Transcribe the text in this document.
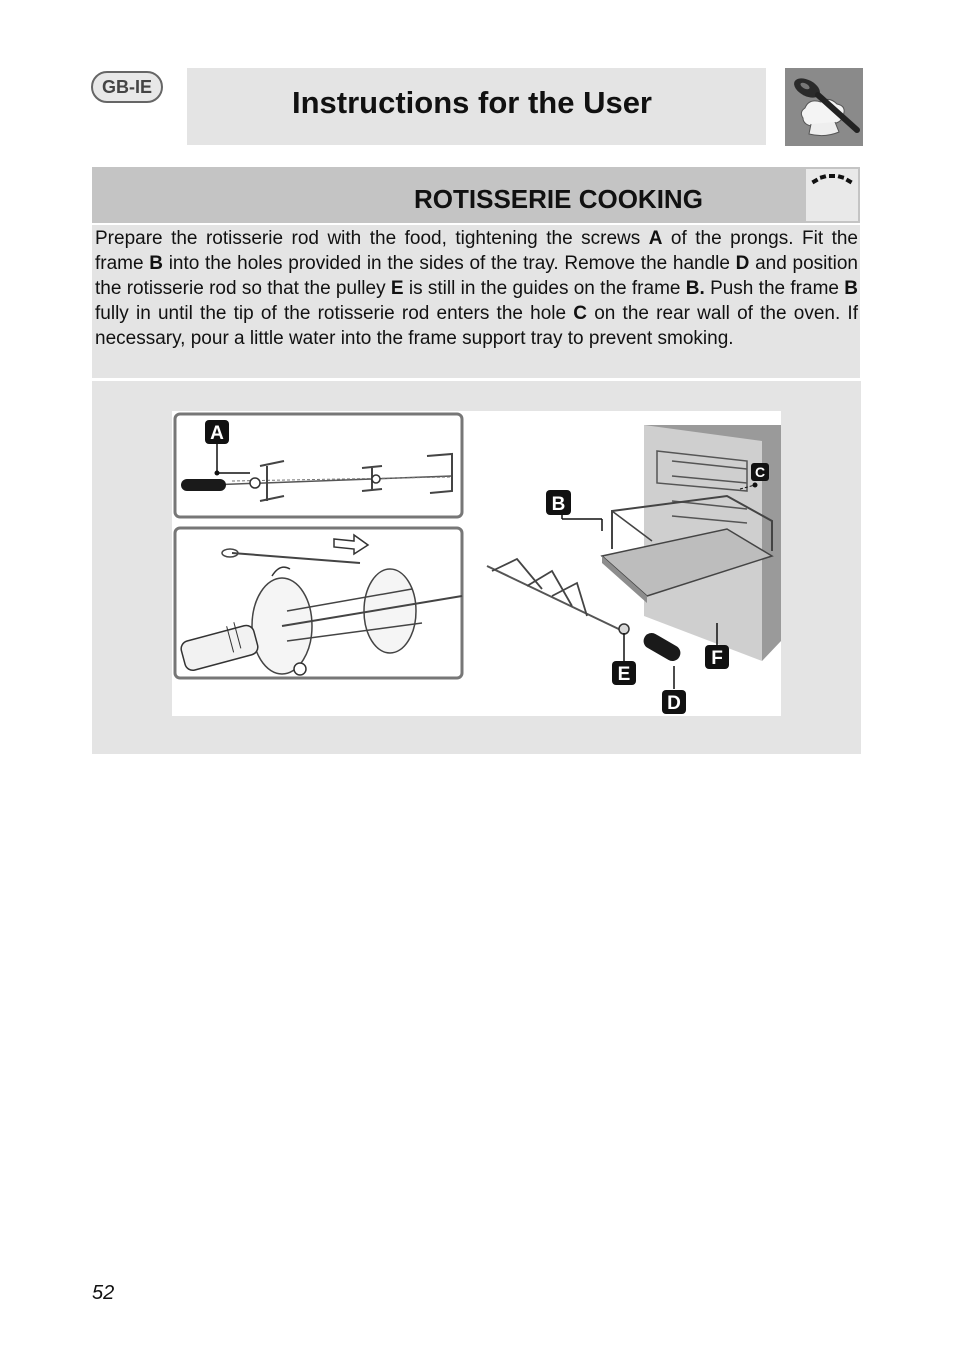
GB-IE	Instructions for the User
ROTISSERIE COOKING

Prepare the rotisserie rod with the food, tightening the screws A of the prongs. Fit the frame B into the holes provided in the sides of the tray. Remove the handle D and position the rotisserie rod so that the pulley E is still in the guides on the frame B. Push the frame B fully in until the tip of the rotisserie rod enters the hole C on the rear wall of the oven. If necessary, pour a little water into the frame support tray to prevent smoking.

A
B
C
E
D
F
52
